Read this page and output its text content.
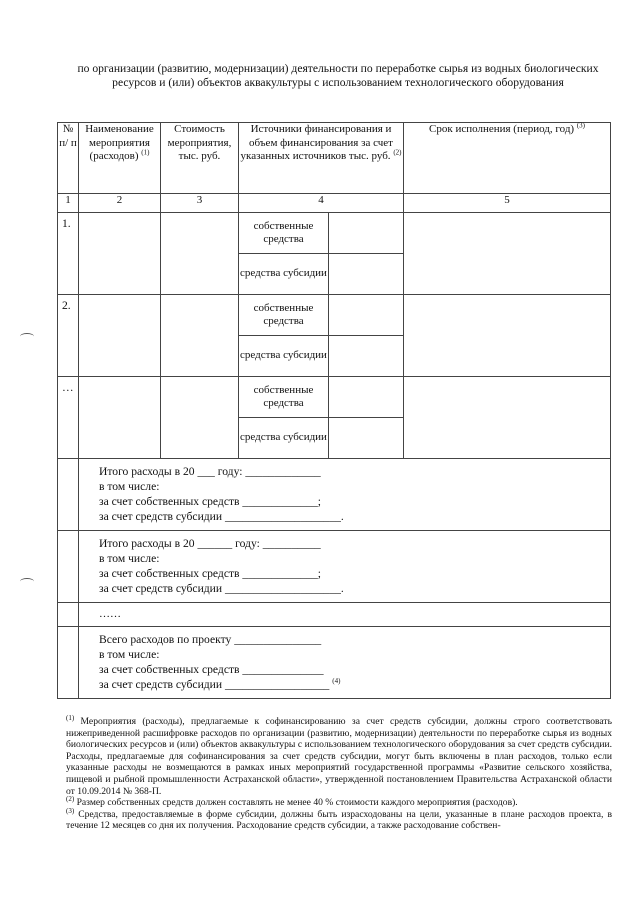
по организации (развитию, модернизации) деятельности по переработке сырья из водных биологических ресурсов и (или) объектов аквакультуры с использованием технологического оборудования
№ п/ п	Наименование мероприятия (расходов) $^{(1)}$	Стоимость мероприятия, тыс. руб.	Источники финансирования и объем финансирования за счет указанных источников тыс. руб. $^{(2)}$		Срок исполнения (период, год) $^{(3)}$
1	2	3	4		5
1.			собственные средства		
			средства субсидии		
2.			собственные средства		
			средства субсидии		
…			собственные средства		
			средства субсидии		

	Итого расходы в 20 ___ году: _____________
в том числе:
за счет собственных средств _____________;
за счет средств субсидии ____________________.				

	Итого расходы в 20 ______ году: __________
в том числе:
за счет собственных средств _____________;
за счет средств субсидии ____________________.				

	……				

	Всего расходов по проекту _______________
в том числе:
за счет собственных средств ______________
за счет средств субсидии __________________ $^{(4)}$

$^{(1)}$ Мероприятия (расходы), предлагаемые к софинансированию за счет средств субсидии, должны строго соответствовать нижеприведенной расшифровке расходов по организации (развитию, модернизации) деятельности по переработке сырья из водных биологических ресурсов и (или) объектов аквакультуры с использованием технологического оборудования за счет средств субсидии. Расходы, предлагаемые для софинансирования за счет средств субсидии, могут быть включены в план расходов, только если указанные расходы не возмещаются в рамках иных мероприятий государственной программы «Развитие сельского хозяйства, пищевой и рыбной промышленности Астраханской области», утвержденной постановлением Правительства Астраханской области от 10.09.2014 № 368-П.

$^{(2)}$ Размер собственных средств должен составлять не менее 40 % стоимости каждого мероприятия (расходов).

$^{(3)}$ Средства, предоставляемые в форме субсидии, должны быть израсходованы на цели, указанные в плане расходов проекта, в течение 12 месяцев со дня их получения. Расходование средств субсидии, а также расходование собствен-
